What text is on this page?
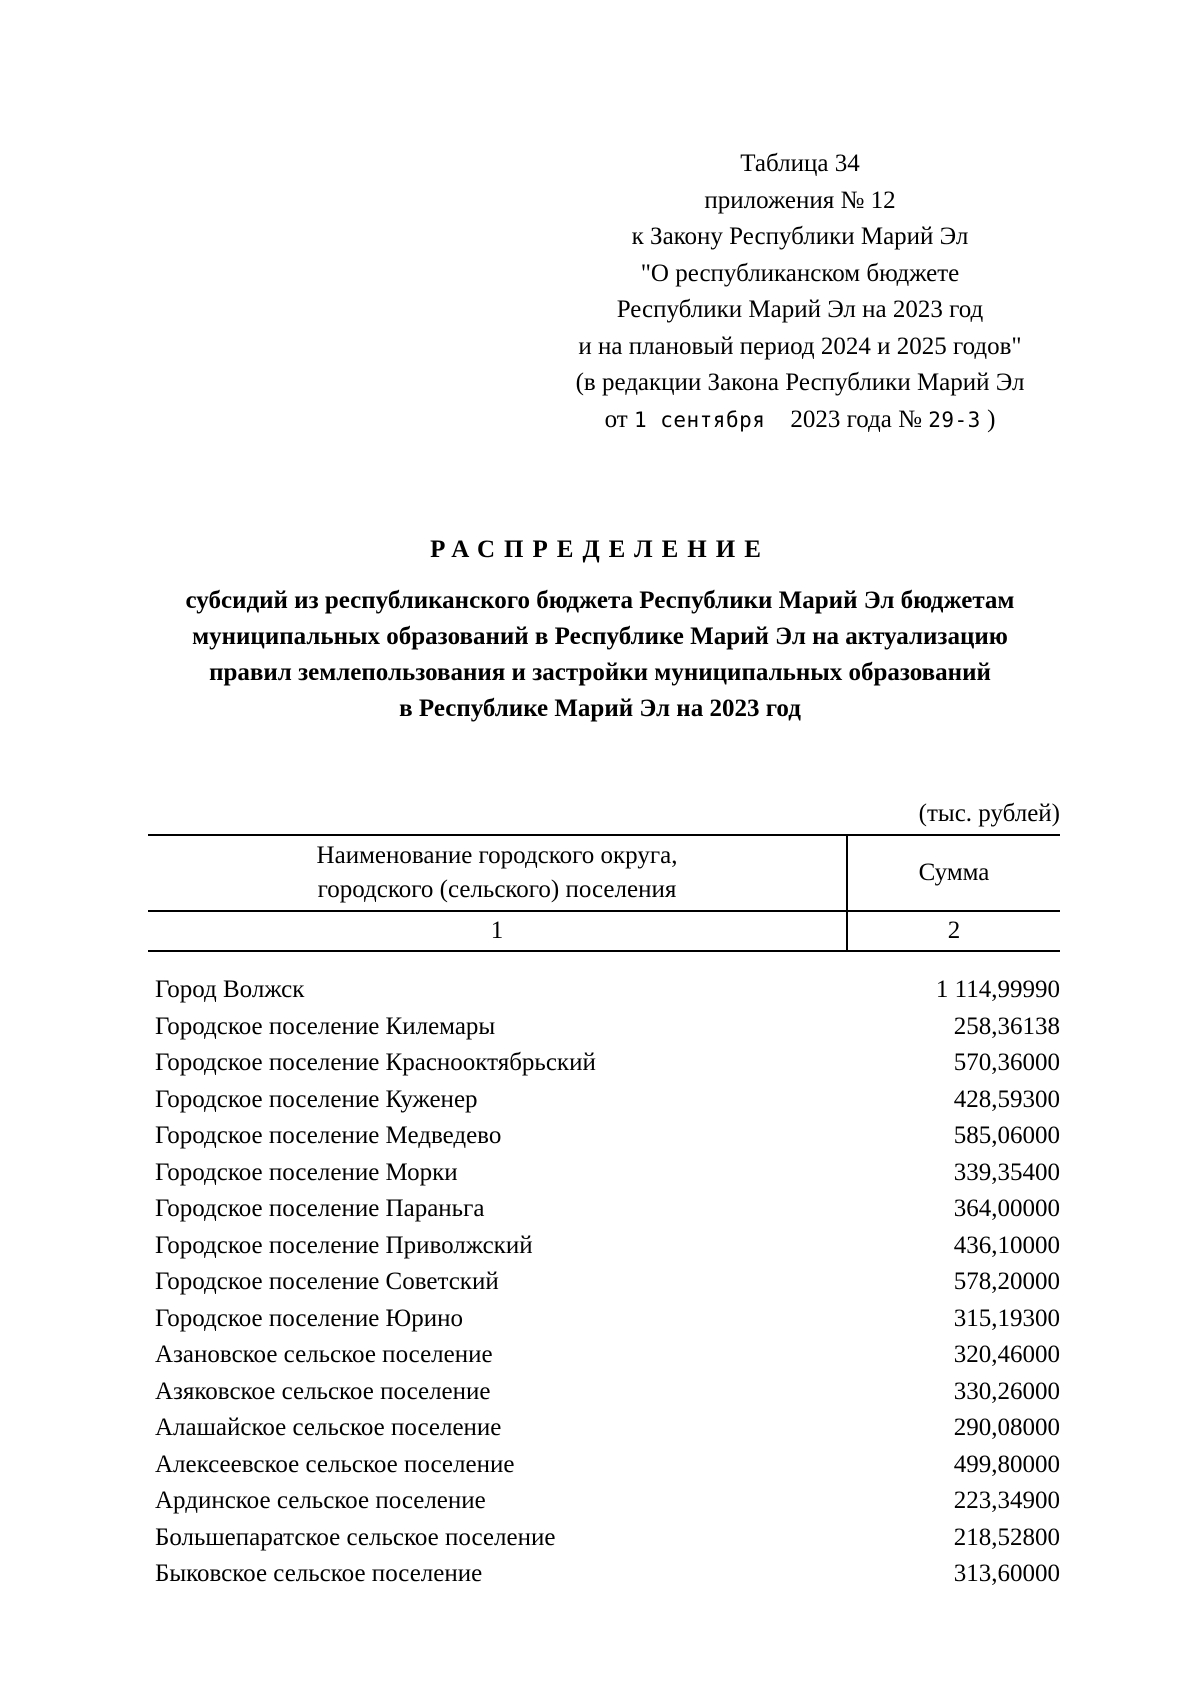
Таблица 34
приложения № 12
к Закону Республики Марий Эл
"О республиканском бюджете
Республики Марий Эл на 2023 год
и на плановый период 2024 и 2025 годов"
(в редакции Закона Республики Марий Эл
от 1 сентября 2023 года № 29-З )
РАСПРЕДЕЛЕНИЕ
субсидий из республиканского бюджета Республики Марий Эл бюджетам
муниципальных образований в Республике Марий Эл на актуализацию
правил землепользования и застройки муниципальных образований
в Республике Марий Эл на 2023 год
(тыс. рублей)
Наименование городского округа,
городского (сельского) поселения
Сумма
1	2
Город Волжск	1 114,99990
Городское поселение Килемары	258,36138
Городское поселение Краснооктябрьский	570,36000
Городское поселение Куженер	428,59300
Городское поселение Медведево	585,06000
Городское поселение Морки	339,35400
Городское поселение Параньга	364,00000
Городское поселение Приволжский	436,10000
Городское поселение Советский	578,20000
Городское поселение Юрино	315,19300
Азановское сельское поселение	320,46000
Азяковское сельское поселение	330,26000
Алашайское сельское поселение	290,08000
Алексеевское сельское поселение	499,80000
Ардинское сельское поселение	223,34900
Большепаратское сельское поселение	218,52800
Быковское сельское поселение	313,60000
